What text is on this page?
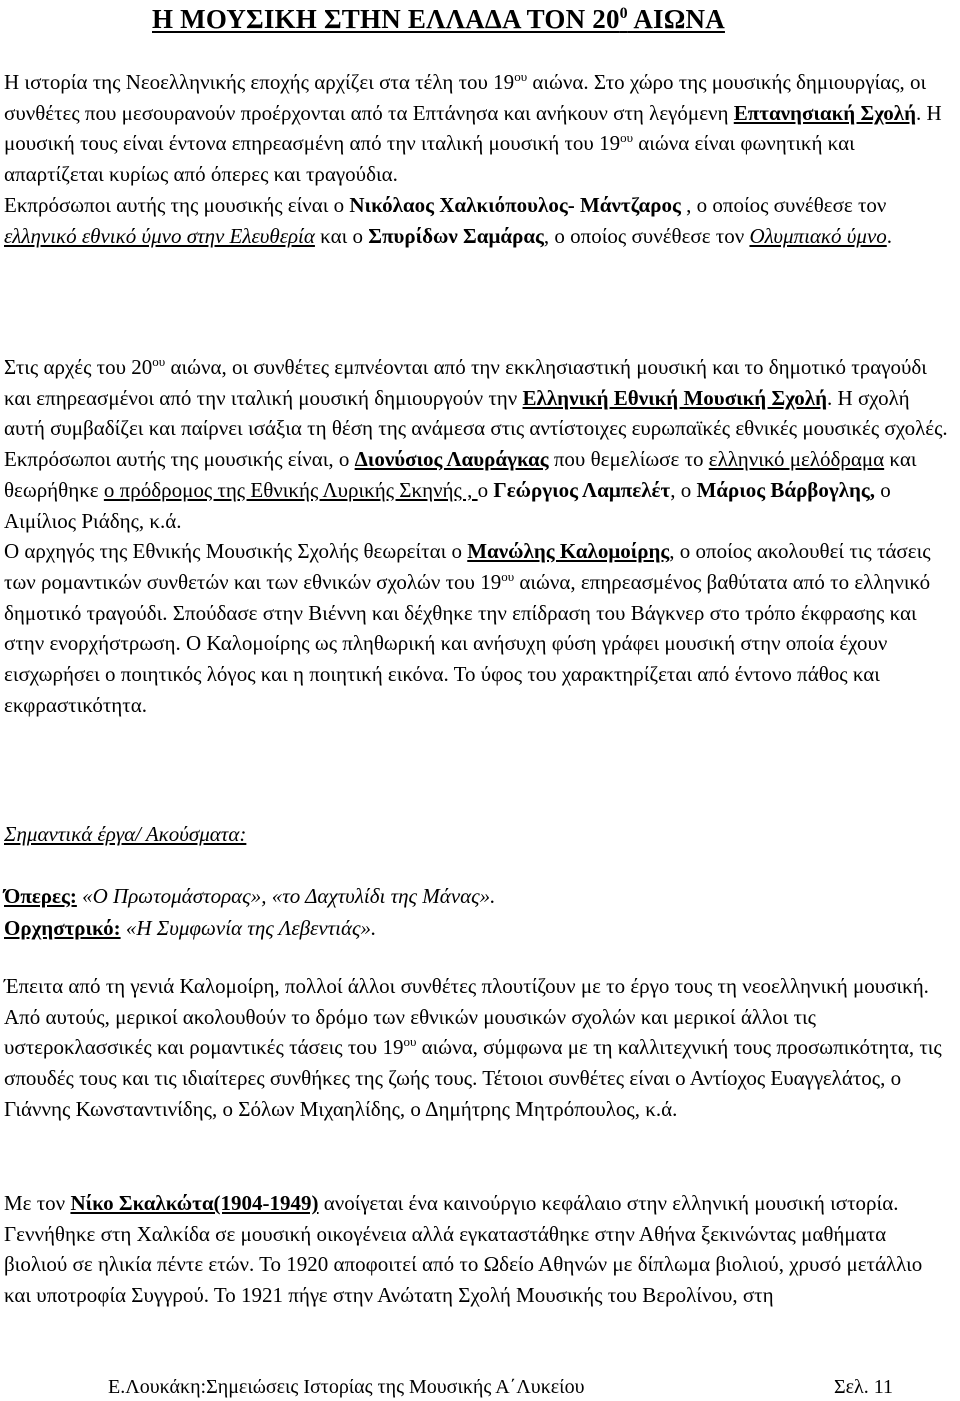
Η ΜΟΥΣΙΚΗ ΣΤΗΝ ΕΛΛΑΔΑ ΤΟΝ $20^0$ ΑΙΩΝΑ

Η ιστορία της Νεοελληνικής εποχής αρχίζει στα τέλη του $19^{o\upsilon}$ αιώνα. Στο χώρο της μουσικής δημιουργίας, οι συνθέτες που μεσουρανούν προέρχονται από τα Επτάνησα και ανήκουν στη λεγόμενη Επτανησιακή Σχολή. Η μουσική τους είναι έντονα επηρεασμένη από την ιταλική μουσική του $19^{o\upsilon}$ αιώνα είναι φωνητική και απαρτίζεται κυρίως από όπερες και τραγούδια.

Εκπρόσωποι αυτής της μουσικής είναι ο Νικόλαος Χαλκιόπουλος- Μάντζαρος , ο οποίος συνέθεσε τον ελληνικό εθνικό ύμνο στην Ελευθερία και ο Σπυρίδων Σαμάρας, ο οποίος συνέθεσε τον Ολυμπιακό ύμνο.

Στις αρχές του $20^{o\upsilon}$ αιώνα, οι συνθέτες εμπνέονται από την εκκλησιαστική μουσική και το δημοτικό τραγούδι και επηρεασμένοι από την ιταλική μουσική δημιουργούν την Ελληνική Εθνική Μουσική Σχολή. Η σχολή αυτή συμβαδίζει και παίρνει ισάξια τη θέση της ανάμεσα στις αντίστοιχες ευρωπαϊκές εθνικές μουσικές σχολές.

Εκπρόσωποι αυτής της μουσικής είναι, ο Διονύσιος Λαυράγκας που θεμελίωσε το ελληνικό μελόδραμα και θεωρήθηκε ο πρόδρομος της Εθνικής Λυρικής Σκηνής , ο Γεώργιος Λαμπελέτ, ο Μάριος Βάρβογλης, ο Αιμίλιος Ριάδης, κ.ά.

Ο αρχηγός της Εθνικής Μουσικής Σχολής θεωρείται ο Μανώλης Καλομοίρης, ο οποίος ακολουθεί τις τάσεις των ρομαντικών συνθετών και των εθνικών σχολών του $19^{o\upsilon}$ αιώνα, επηρεασμένος βαθύτατα από το ελληνικό δημοτικό τραγούδι. Σπούδασε στην Βιέννη και δέχθηκε την επίδραση του Βάγκνερ στο τρόπο έκφρασης και στην ενορχήστρωση. Ο Καλομοίρης ως πληθωρική και ανήσυχη φύση γράφει μουσική στην οποία έχουν εισχωρήσει ο ποιητικός λόγος και η ποιητική εικόνα. Το ύφος του χαρακτηρίζεται από έντονο πάθος και εκφραστικότητα.

Σημαντικά έργα/ Ακούσματα:

Όπερες: «Ο Πρωτομάστορας», «το Δαχτυλίδι της Μάνας».

Ορχηστρικό: «Η Συμφωνία της Λεβεντιάς».

Έπειτα από τη γενιά Καλομοίρη, πολλοί άλλοι συνθέτες πλουτίζουν με το έργο τους τη νεοελληνική μουσική. Από αυτούς, μερικοί ακολουθούν το δρόμο των εθνικών μουσικών σχολών και μερικοί άλλοι τις υστεροκλασσικές και ρομαντικές τάσεις του $19^{o\upsilon}$ αιώνα, σύμφωνα με τη καλλιτεχνική τους προσωπικότητα, τις σπουδές τους και τις ιδιαίτερες συνθήκες της ζωής τους. Τέτοιοι συνθέτες είναι ο Αντίοχος Ευαγγελάτος, ο Γιάννης Κωνσταντινίδης, ο Σόλων Μιχαηλίδης, ο Δημήτρης Μητρόπουλος, κ.ά.

Με τον Νίκο Σκαλκώτα(1904-1949) ανοίγεται ένα καινούργιο κεφάλαιο στην ελληνική μουσική ιστορία. Γεννήθηκε στη Χαλκίδα σε μουσική οικογένεια αλλά εγκαταστάθηκε στην Αθήνα ξεκινώντας μαθήματα βιολιού σε ηλικία πέντε ετών. Το 1920 αποφοιτεί από το Ωδείο Αθηνών με δίπλωμα βιολιού, χρυσό μετάλλιο και υποτροφία Συγγρού. Το 1921 πήγε στην Ανώτατη Σχολή Μουσικής του Βερολίνου, στη

Ε.Λουκάκη:Σημειώσεις Ιστορίας της Μουσικής Α΄Λυκείου	Σελ. 11
